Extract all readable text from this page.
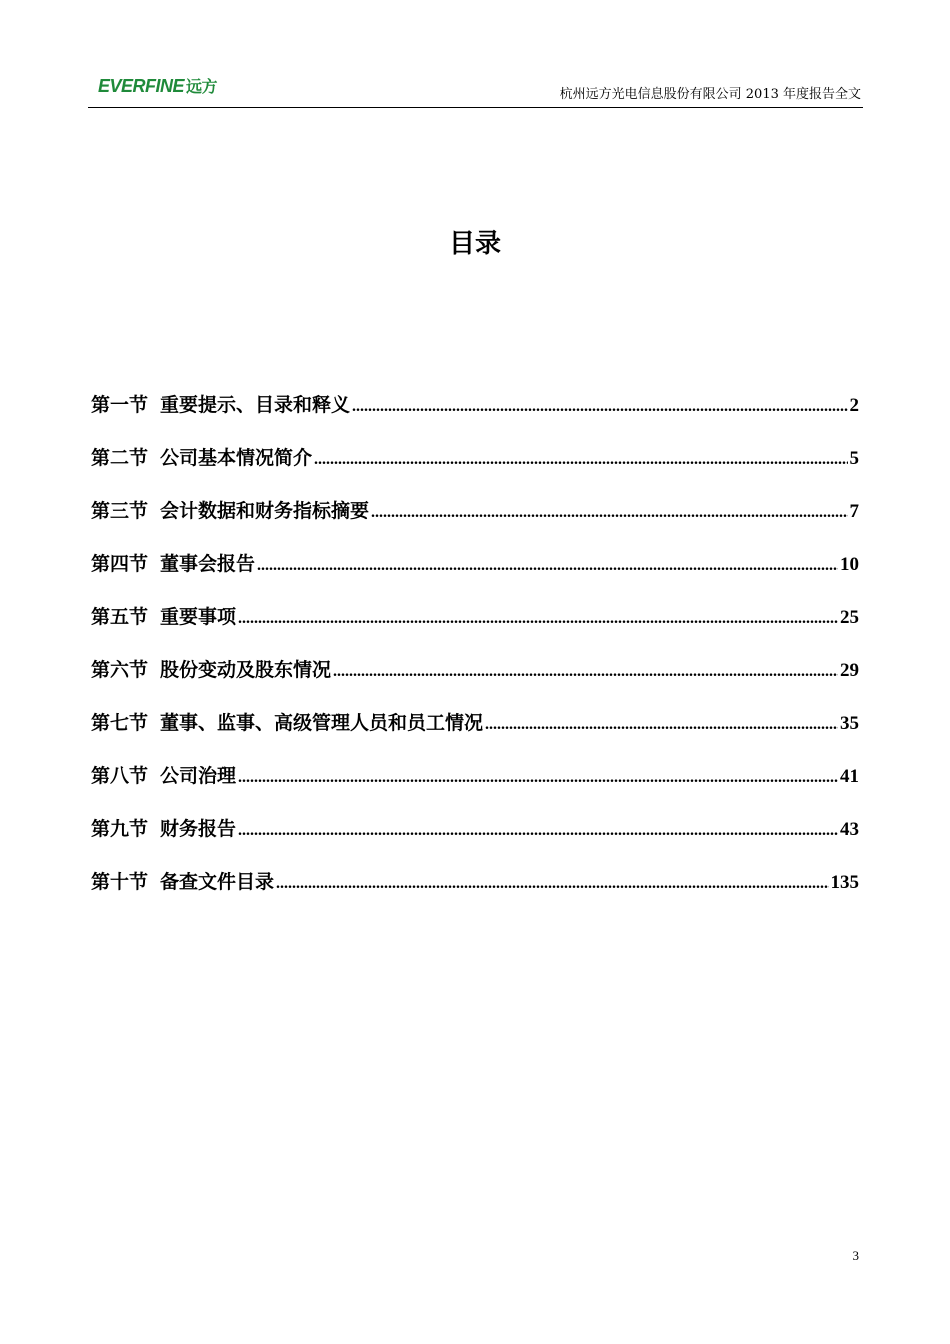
EVERFINE 远方	杭州远方光电信息股份有限公司 2013 年度报告全文
目录
第一节 重要提示、目录和释义 .....	2
第二节 公司基本情况简介 .....	5
第三节 会计数据和财务指标摘要 .....	7
第四节 董事会报告 .....	10
第五节 重要事项 .....	25
第六节 股份变动及股东情况 .....	29
第七节 董事、监事、高级管理人员和员工情况 .....	35
第八节 公司治理 .....	41
第九节 财务报告 .....	43
第十节 备查文件目录 .....	135
3
